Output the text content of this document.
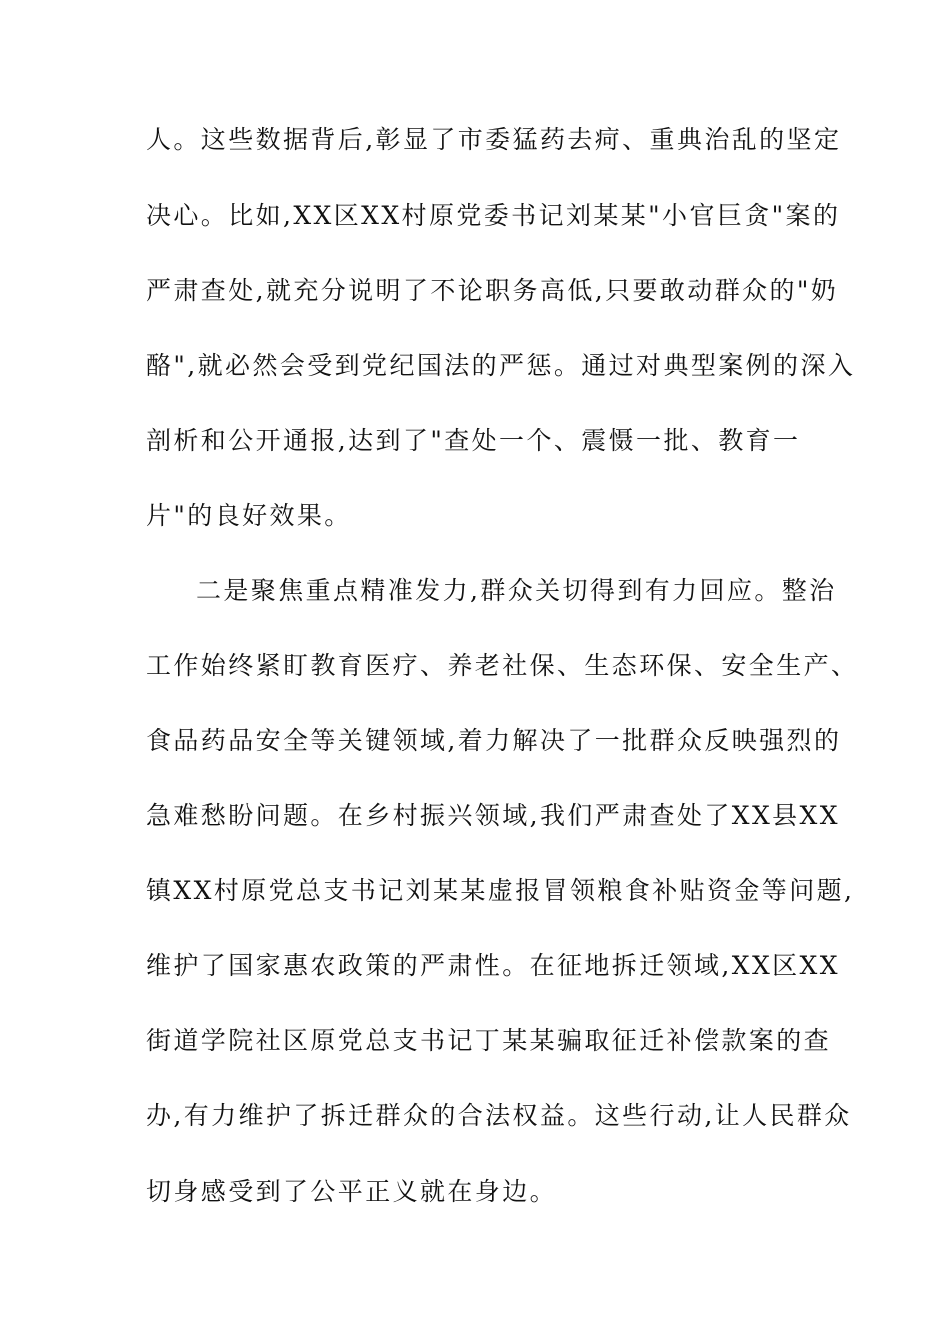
人。这些数据背后,彰显了市委猛药去疴、重典治乱的坚定
决心。比如,XX区XX村原党委书记刘某某"小官巨贪"案的
严肃查处,就充分说明了不论职务高低,只要敢动群众的"奶
酪",就必然会受到党纪国法的严惩。通过对典型案例的深入
剖析和公开通报,达到了"查处一个、震慑一批、教育一
片"的良好效果。
二是聚焦重点精准发力,群众关切得到有力回应。整治
工作始终紧盯教育医疗、养老社保、生态环保、安全生产、
食品药品安全等关键领域,着力解决了一批群众反映强烈的
急难愁盼问题。在乡村振兴领域,我们严肃查处了XX县XX
镇XX村原党总支书记刘某某虚报冒领粮食补贴资金等问题,
维护了国家惠农政策的严肃性。在征地拆迁领域,XX区XX
街道学院社区原党总支书记丁某某骗取征迁补偿款案的查
办,有力维护了拆迁群众的合法权益。这些行动,让人民群众
切身感受到了公平正义就在身边。
